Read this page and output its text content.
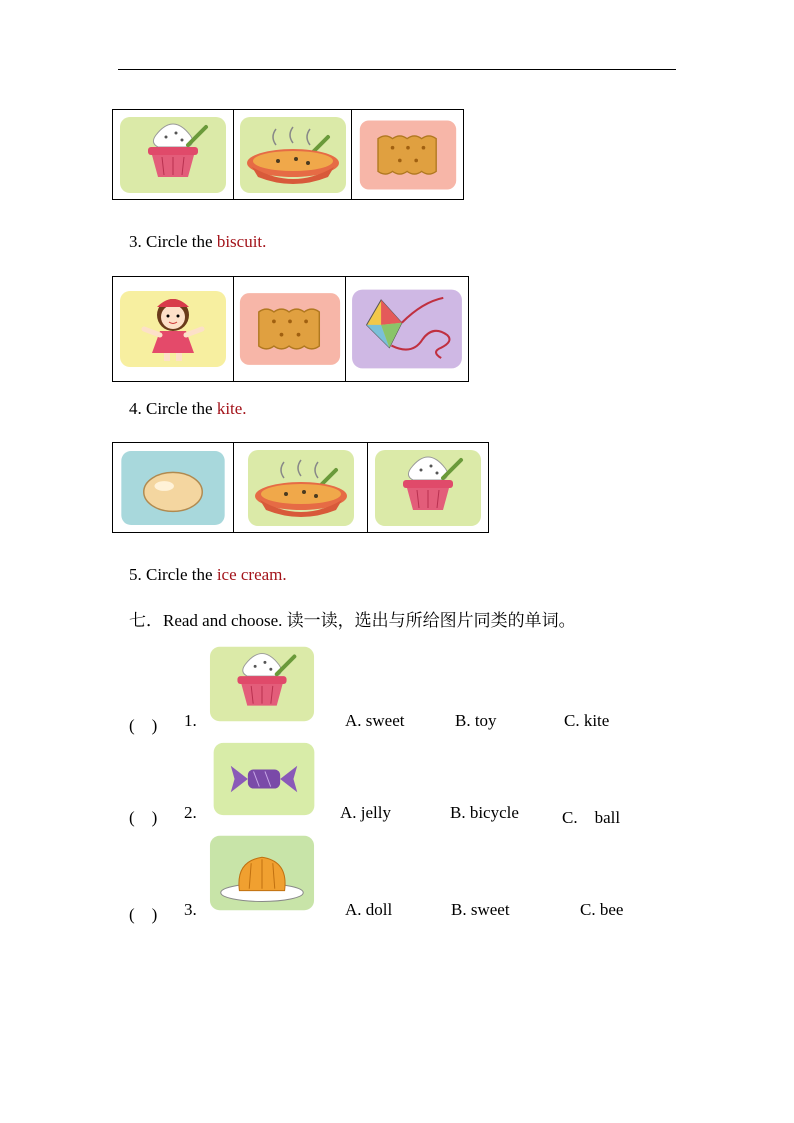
3. Circle the biscuit.
4. Circle the kite.
5. Circle the ice cream.
七．Read and choose. 读一读，选出与所给图片同类的单词。
(　) 1.	A. sweet	B. toy	C. kite
(　) 2.	A. jelly	B. bicycle	C.　ball
(　) 3.	A. doll	B. sweet	C. bee
